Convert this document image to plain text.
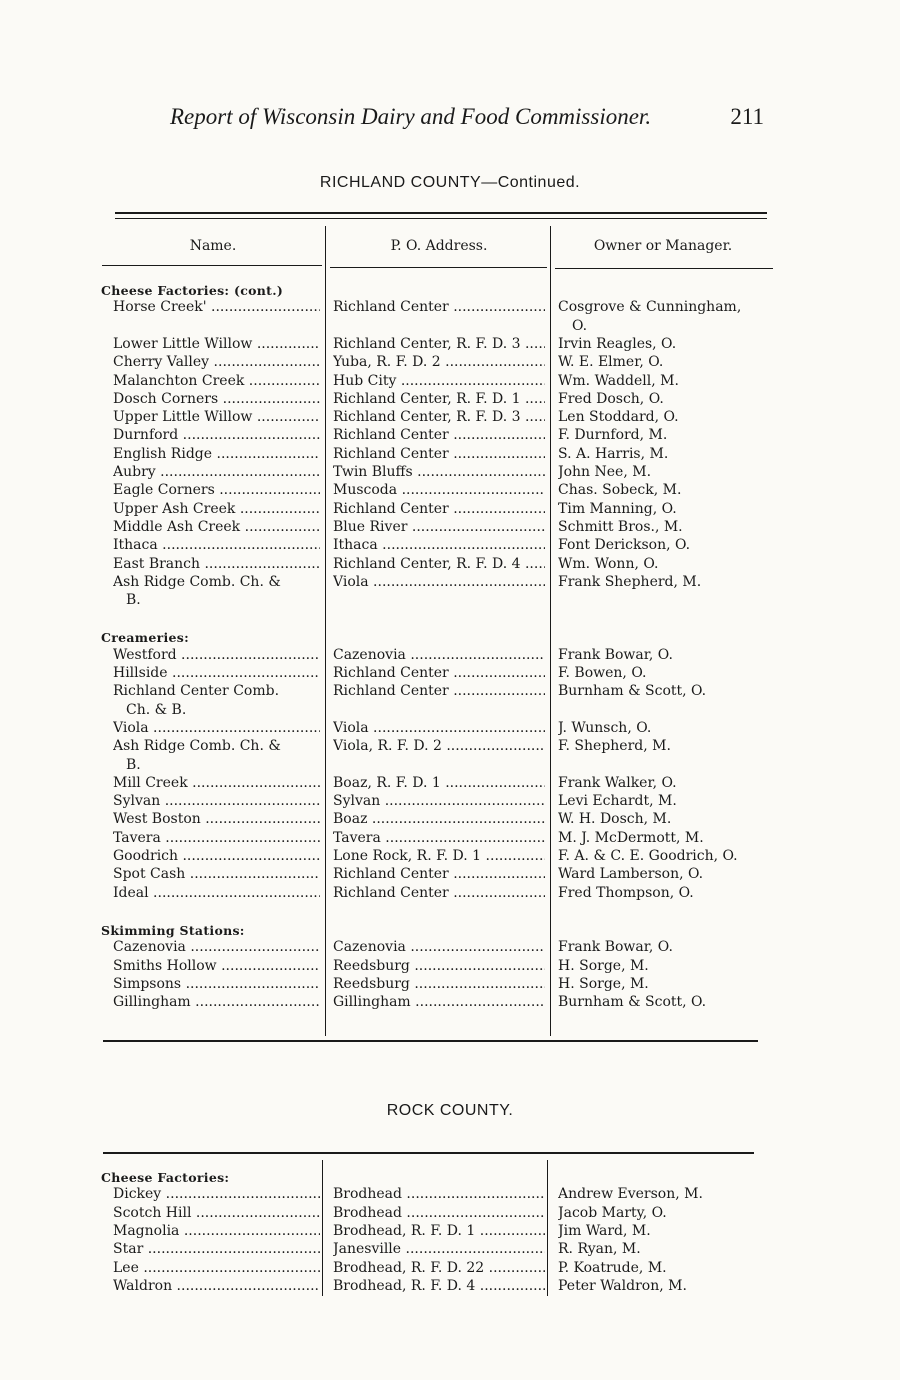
Report of Wisconsin Dairy and Food Commissioner.	211
RICHLAND COUNTY—Continued.
Name.	P. O. Address.	Owner or Manager.
ROCK COUNTY.
Cheese Factories: (cont.)
Horse Creek' .....	Richland Center .....	Cosgrove & Cunningham,
O.
Lower Little Willow .....	Richland Center, R. F. D. 3 .....	Irvin Reagles, O.
Cherry Valley .....	Yuba, R. F. D. 2 .....	W. E. Elmer, O.
Malanchton Creek .....	Hub City .....	Wm. Waddell, M.
Dosch Corners .....	Richland Center, R. F. D. 1 .....	Fred Dosch, O.
Upper Little Willow .....	Richland Center, R. F. D. 3 .....	Len Stoddard, O.
Durnford .....	Richland Center .....	F. Durnford, M.
English Ridge .....	Richland Center .....	S. A. Harris, M.
Aubry .....	Twin Bluffs .....	John Nee, M.
Eagle Corners .....	Muscoda .....	Chas. Sobeck, M.
Upper Ash Creek .....	Richland Center .....	Tim Manning, O.
Middle Ash Creek .....	Blue River .....	Schmitt Bros., M.
Ithaca .....	Ithaca .....	Font Derickson, O.
East Branch .....	Richland Center, R. F. D. 4 .....	Wm. Wonn, O.
Ash Ridge Comb. Ch. &	Viola .....	Frank Shepherd, M.
B.
Creameries:
Westford .....	Cazenovia .....	Frank Bowar, O.
Hillside .....	Richland Center .....	F. Bowen, O.
Richland Center Comb.	Richland Center .....	Burnham & Scott, O.
Ch. & B.
Viola .....	Viola .....	J. Wunsch, O.
Ash Ridge Comb. Ch. &	Viola, R. F. D. 2 .....	F. Shepherd, M.
B.
Mill Creek .....	Boaz, R. F. D. 1 .....	Frank Walker, O.
Sylvan .....	Sylvan .....	Levi Echardt, M.
West Boston .....	Boaz .....	W. H. Dosch, M.
Tavera .....	Tavera .....	M. J. McDermott, M.
Goodrich .....	Lone Rock, R. F. D. 1 .....	F. A. & C. E. Goodrich, O.
Spot Cash .....	Richland Center .....	Ward Lamberson, O.
Ideal .....	Richland Center .....	Fred Thompson, O.
Skimming Stations:
Cazenovia .....	Cazenovia .....	Frank Bowar, O.
Smiths Hollow .....	Reedsburg .....	H. Sorge, M.
Simpsons .....	Reedsburg .....	H. Sorge, M.
Gillingham .....	Gillingham .....	Burnham & Scott, O.
Cheese Factories:
Dickey .....	Brodhead .....	Andrew Everson, M.
Scotch Hill .....	Brodhead .....	Jacob Marty, O.
Magnolia .....	Brodhead, R. F. D. 1 .....	Jim Ward, M.
Star .....	Janesville .....	R. Ryan, M.
Lee .....	Brodhead, R. F. D. 22 .....	P. Koatrude, M.
Waldron .....	Brodhead, R. F. D. 4 .....	Peter Waldron, M.
